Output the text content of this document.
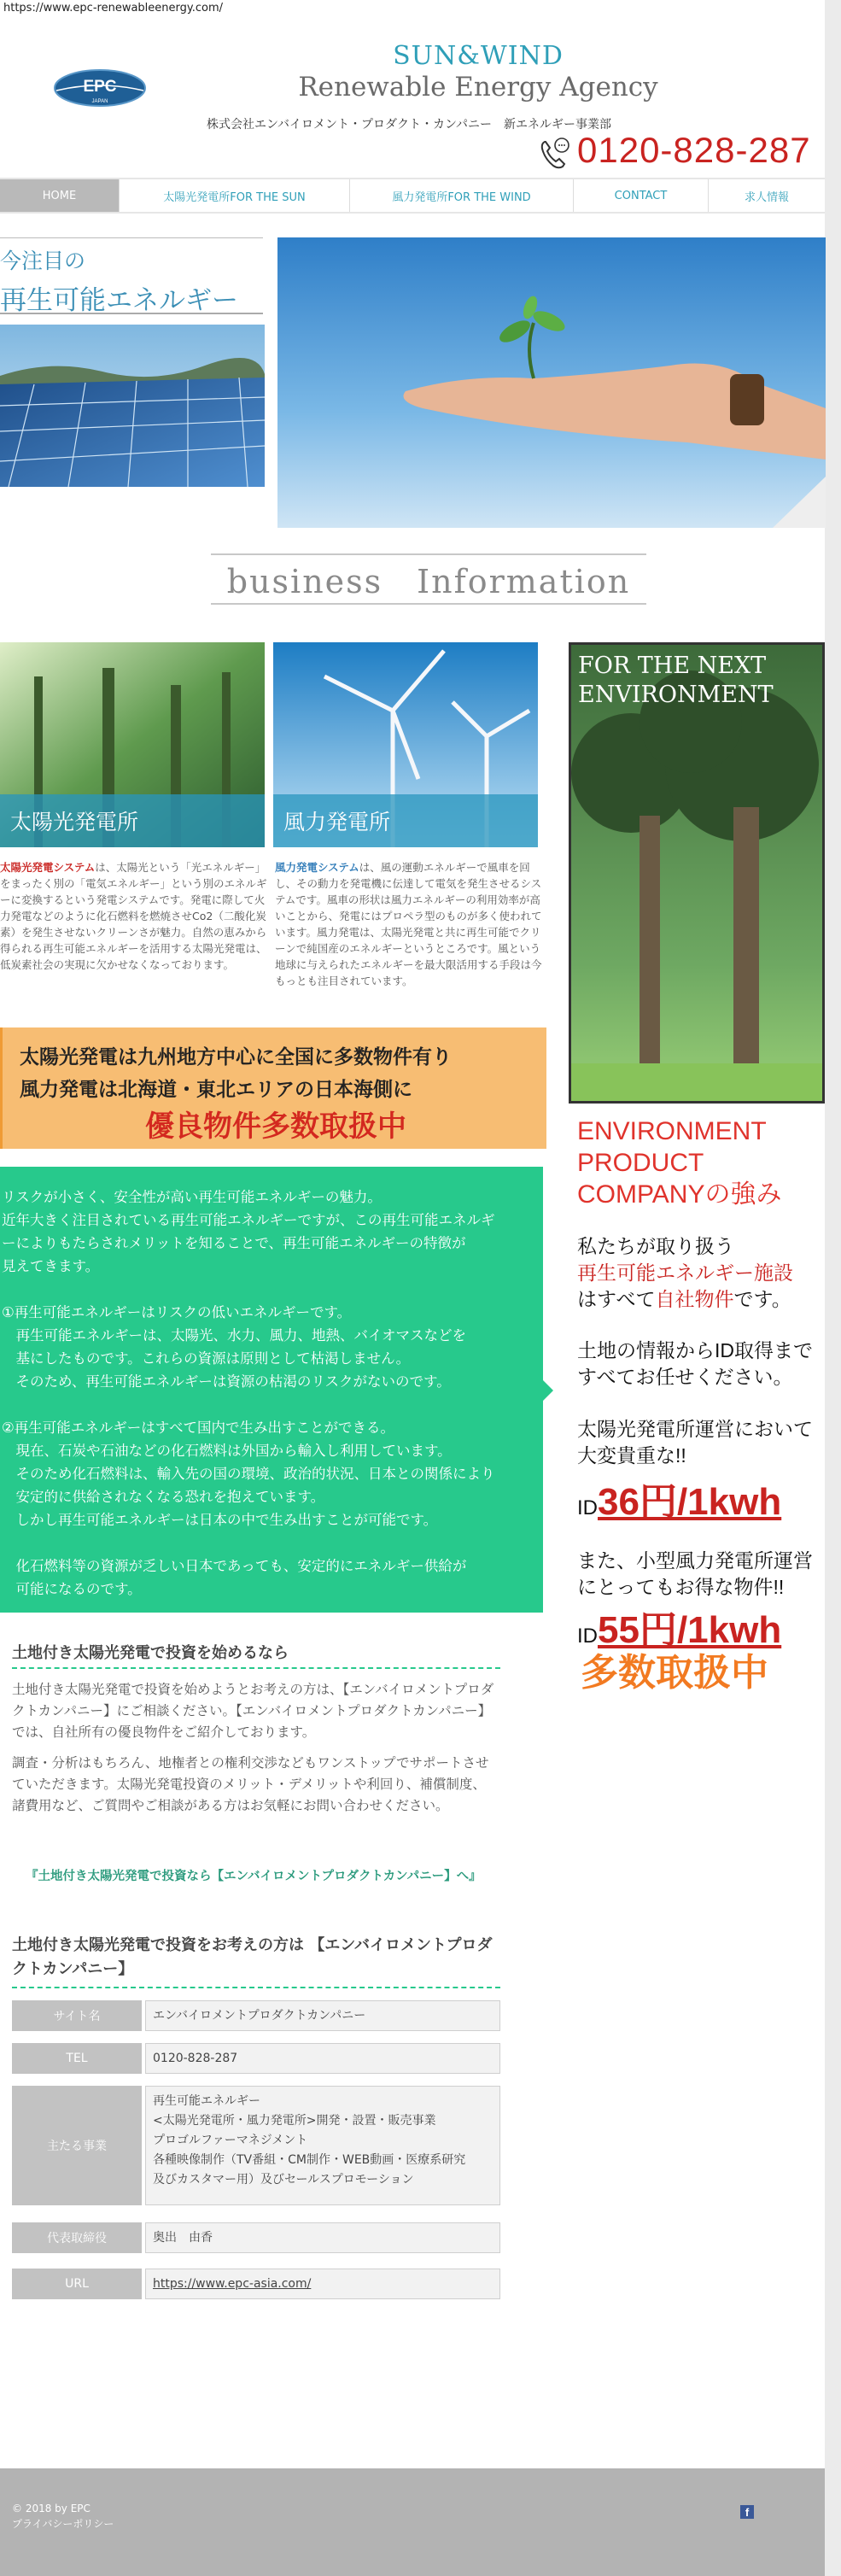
https://www.epc-renewableenergy.com/
EPC
JAPAN
SUN&WIND
Renewable Energy Agency
株式会社エンバイロメント・プロダクト・カンパニー　新エネルギー事業部
0120-828-287
HOME	太陽光発電所FOR THE SUN	風力発電所FOR THE WIND	CONTACT	求人情報
今注目の
再生可能エネルギー
business　Information
太陽光発電所	風力発電所
太陽光発電システムは、太陽光という「光エネルギー」をまったく別の「電気エネルギー」という別のエネルギーに変換するという発電システムです。発電に際して火力発電などのように化石燃料を燃焼させCo2（二酸化炭素）を発生させないクリーンさが魅力。自然の恵みから得られる再生可能エネルギーを活用する太陽光発電は、低炭素社会の実現に欠かせなくなっております。
風力発電システムは、風の運動エネルギーで風車を回し、その動力を発電機に伝達して電気を発生させるシステムです。風車の形状は風力エネルギーの利用効率が高いことから、発電にはプロペラ型のものが多く使われています。風力発電は、太陽光発電と共に再生可能でクリーンで純国産のエネルギーというところです。風という地球に与えられたエネルギーを最大限活用する手段は今もっとも注目されています。
FOR THE NEXT
ENVIRONMENT
ENVIRONMENT
PRODUCT
COMPANYの強み
私たちが取り扱う
再生可能エネルギー施設
はすべて自社物件です。
土地の情報からID取得まですべてお任せください。
太陽光発電所運営において大変貴重な!!
ID36円/1kwh
また、小型風力発電所運営にとってもお得な物件!!
ID55円/1kwh
多数取扱中
太陽光発電は九州地方中心に全国に多数物件有り
風力発電は北海道・東北エリアの日本海側に
優良物件多数取扱中

リスクが小さく、安全性が高い再生可能エネルギーの魅力。

近年大きく注目されている再生可能エネルギーですが、この再生可能エネルギ

ーによりもたらされメリットを知ることで、再生可能エネルギーの特徴が

見えてきます。

①再生可能エネルギーはリスクの低いエネルギーです。

　再生可能エネルギーは、太陽光、水力、風力、地熱、バイオマスなどを

　基にしたものです。これらの資源は原則として枯渇しません。

　そのため、再生可能エネルギーは資源の枯渇のリスクがないのです。

②再生可能エネルギーはすべて国内で生み出すことができる。

　現在、石炭や石油などの化石燃料は外国から輸入し利用しています。

　そのため化石燃料は、輸入先の国の環境、政治的状況、日本との関係により

　安定的に供給されなくなる恐れを抱えています。

　しかし再生可能エネルギーは日本の中で生み出すことが可能です。

　化石燃料等の資源が乏しい日本であっても、安定的にエネルギー供給が

　可能になるのです。

土地付き太陽光発電で投資を始めるなら
土地付き太陽光発電で投資を始めようとお考えの方は、【エンバイロメントプロダクトカンパニー】にご相談ください。【エンバイロメントプロダクトカンパニー】では、自社所有の優良物件をご紹介しております。
調査・分析はもちろん、地権者との権利交渉などもワンストップでサポートさせていただきます。太陽光発電投資のメリット・デメリットや利回り、補償制度、諸費用など、ご質問やご相談がある方はお気軽にお問い合わせください。
『土地付き太陽光発電で投資なら【エンバイロメントプロダクトカンパニー】へ』
土地付き太陽光発電で投資をお考えの方は 【エンバイロメントプロダクトカンパニー】
サイト名	エンバイロメントプロダクトカンパニー
TEL	0120-828-287
主たる事業
再生可能エネルギー
<太陽光発電所・風力発電所>開発・設置・販売事業
プロゴルファーマネジメント
各種映像制作（TV番組・CM制作・WEB動画・医療系研究
及びカスタマー用）及びセールスプロモーション
代表取締役	奥出　由香
URL	https://www.epc-asia.com/
© 2018 by EPC
プライバシーポリシー
f
